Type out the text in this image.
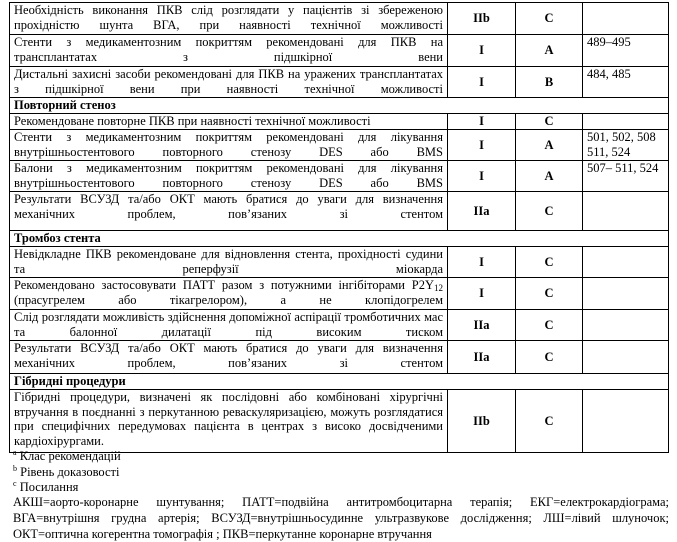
Необхідність виконання ПКВ слід розглядати у пацієнтів зі збереженою прохідністю шунта ВГА, при наявності технічної можливості	IIb	С	
Стенти з медикаментозним покриттям рекомендовані для ПКВ на трансплантатах з підшкірної вени	I	A	489–495
Дистальні захисні засоби рекомендовані для ПКВ на уражених трансплантатах з підшкірної вени при наявності технічної можливості	I	B	484, 485
Повторний стеноз			
Рекомендоване повторне ПКВ при наявності технічної можливості	I	C	
Стенти з медикаментозним покриттям рекомендовані для лікування внутрішньостентового повторного стенозу DES або BMS	I	A	501, 502, 508 511, 524
Балони з медикаментозним покриттям рекомендовані для лікування внутрішньостентового повторного стенозу DES або BMS	I	A	507– 511, 524
Результати ВСУЗД та/або ОКТ мають братися до уваги для визначення механічних проблем, пов’язаних зі стентом	IIa	C	
Тромбоз стента			
Невідкладне ПКВ рекомендоване для відновлення стента, прохідності судини та реперфузії міокарда	I	C	
Рекомендовано застосовувати ПАТТ разом з потужними інгібіторами $P2Y_{12}$ (прасугрелем або тікагрелором), а не клопідогрелем	I	C	
Слід розглядати можливість здійснення допоміжної аспірації тромботичних мас та балонної дилатації під високим тиском	IIa	C	
Результати ВСУЗД та/або ОКТ мають братися до уваги для визначення механічних проблем, пов’язаних зі стентом	IIa	C	
Гібридні процедури			
Гібридні процедури, визначені як послідовні або комбіновані хірургічні втручання в поєднанні з перкутанною реваскуляризацією, можуть розглядатися при специфічних передумовах пацієнта в центрах з високо досвідченими кардіохірургами.	IIb	C	
$^a$ Клас рекомендацій
$^b$ Рівень доказовості
$^c$ Посилання
АКШ=аорто-коронарне шунтування; ПАТТ=подвійна антитромбоцитарна терапія; ЕКГ=електрокардіограма; ВГА=внутрішня грудна артерія; ВСУЗД=внутрішньосудинне ультразвукове дослідження; ЛШ=лівий шлуночок; ОКТ=оптична когерентна томографія ; ПКВ=перкутанне коронарне втручання
